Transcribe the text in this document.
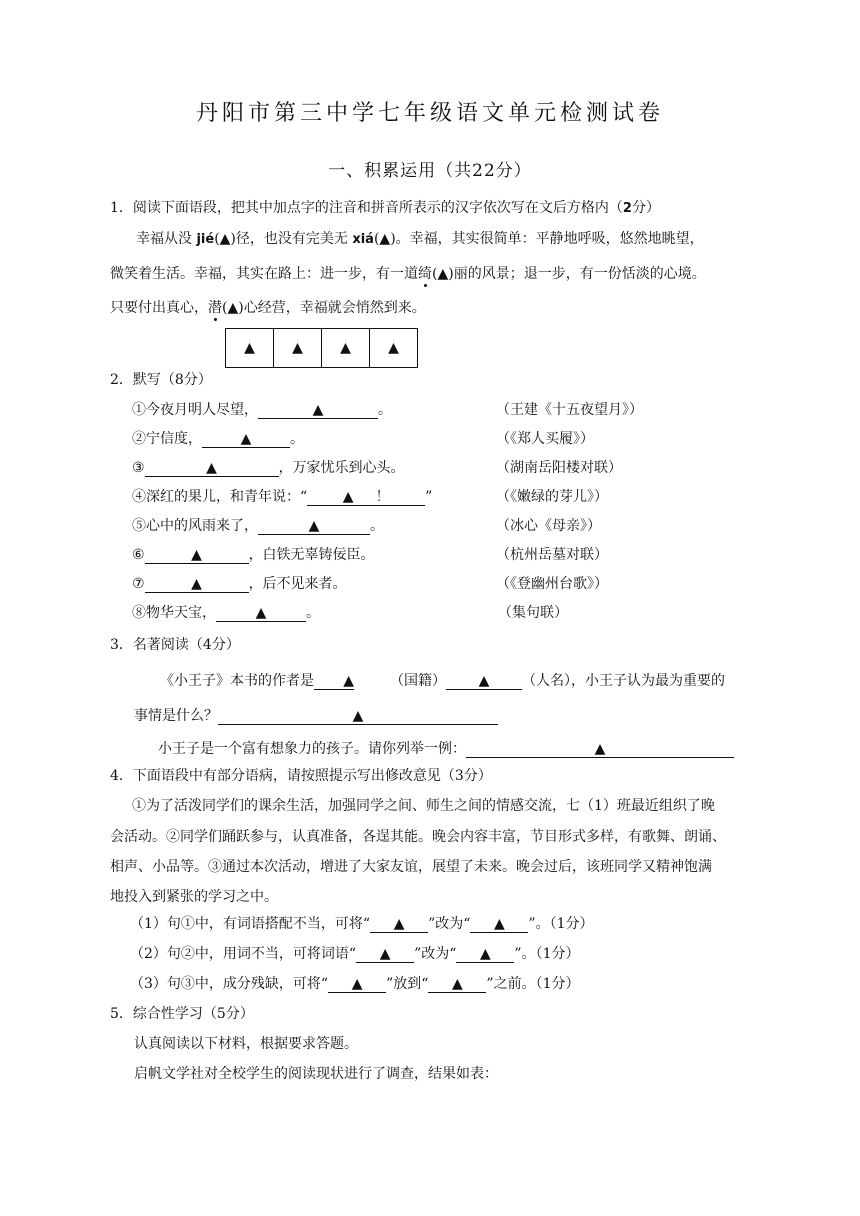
丹阳市第三中学七年级语文单元检测试卷
一、积累运用（共22分）
1．阅读下面语段，把其中加点字的注音和拼音所表示的汉字依次写在文后方格内（2分）
幸福从没 jié(▲)径，也没有完美无 xiá(▲)。幸福，其实很简单：平静地呼吸，悠然地眺望，
微笑着生活。幸福，其实在路上：进一步，有一道绮(▲)丽的风景；退一步，有一份恬淡的心境。
只要付出真心，潜(▲)心经营，幸福就会悄然到来。
▲	▲	▲	▲
2．默写（8分）
①今夜月明人尽望，	▲	。	（王建《十五夜望月》）
②宁信度，	▲	。	（《郑人买履》）
③	▲	，万家忧乐到心头。	（湖南岳阳楼对联）
④深红的果儿，和青年说：“	▲ ！	”	（《嫩绿的芽儿》）
⑤心中的风雨来了，	▲	。	（冰心《母亲》）
⑥	▲	，白铁无辜铸佞臣。	（杭州岳墓对联）
⑦	▲	，后不见来者。	（《登幽州台歌》）
⑧物华天宝，	▲	。	（集句联）
3．名著阅读（4分）
《小王子》本书的作者是 ▲	（国籍） ▲ （人名），小王子认为最为重要的
事情是什么？	▲
小王子是一个富有想象力的孩子。请你列举一例：	▲
4．下面语段中有部分语病，请按照提示写出修改意见（3分）
①为了活泼同学们的课余生活，加强同学之间、师生之间的情感交流，七（1）班最近组织了晚
会活动。②同学们踊跃参与，认真准备，各逞其能。晚会内容丰富，节目形式多样，有歌舞、朗诵、
相声、小品等。③通过本次活动，增进了大家友谊，展望了未来。晚会过后，该班同学又精神饱满
地投入到紧张的学习之中。
（1）句①中，有词语搭配不当，可将“ ▲ ”改为“ ▲ ”。（1分）
（2）句②中，用词不当，可将词语“ ▲ ”改为“ ▲ ”。（1分）
（3）句③中，成分残缺，可将“ ▲ ”放到“ ▲ ”之前。（1分）
5．综合性学习（5分）
认真阅读以下材料，根据要求答题。
启帆文学社对全校学生的阅读现状进行了调查，结果如表：
